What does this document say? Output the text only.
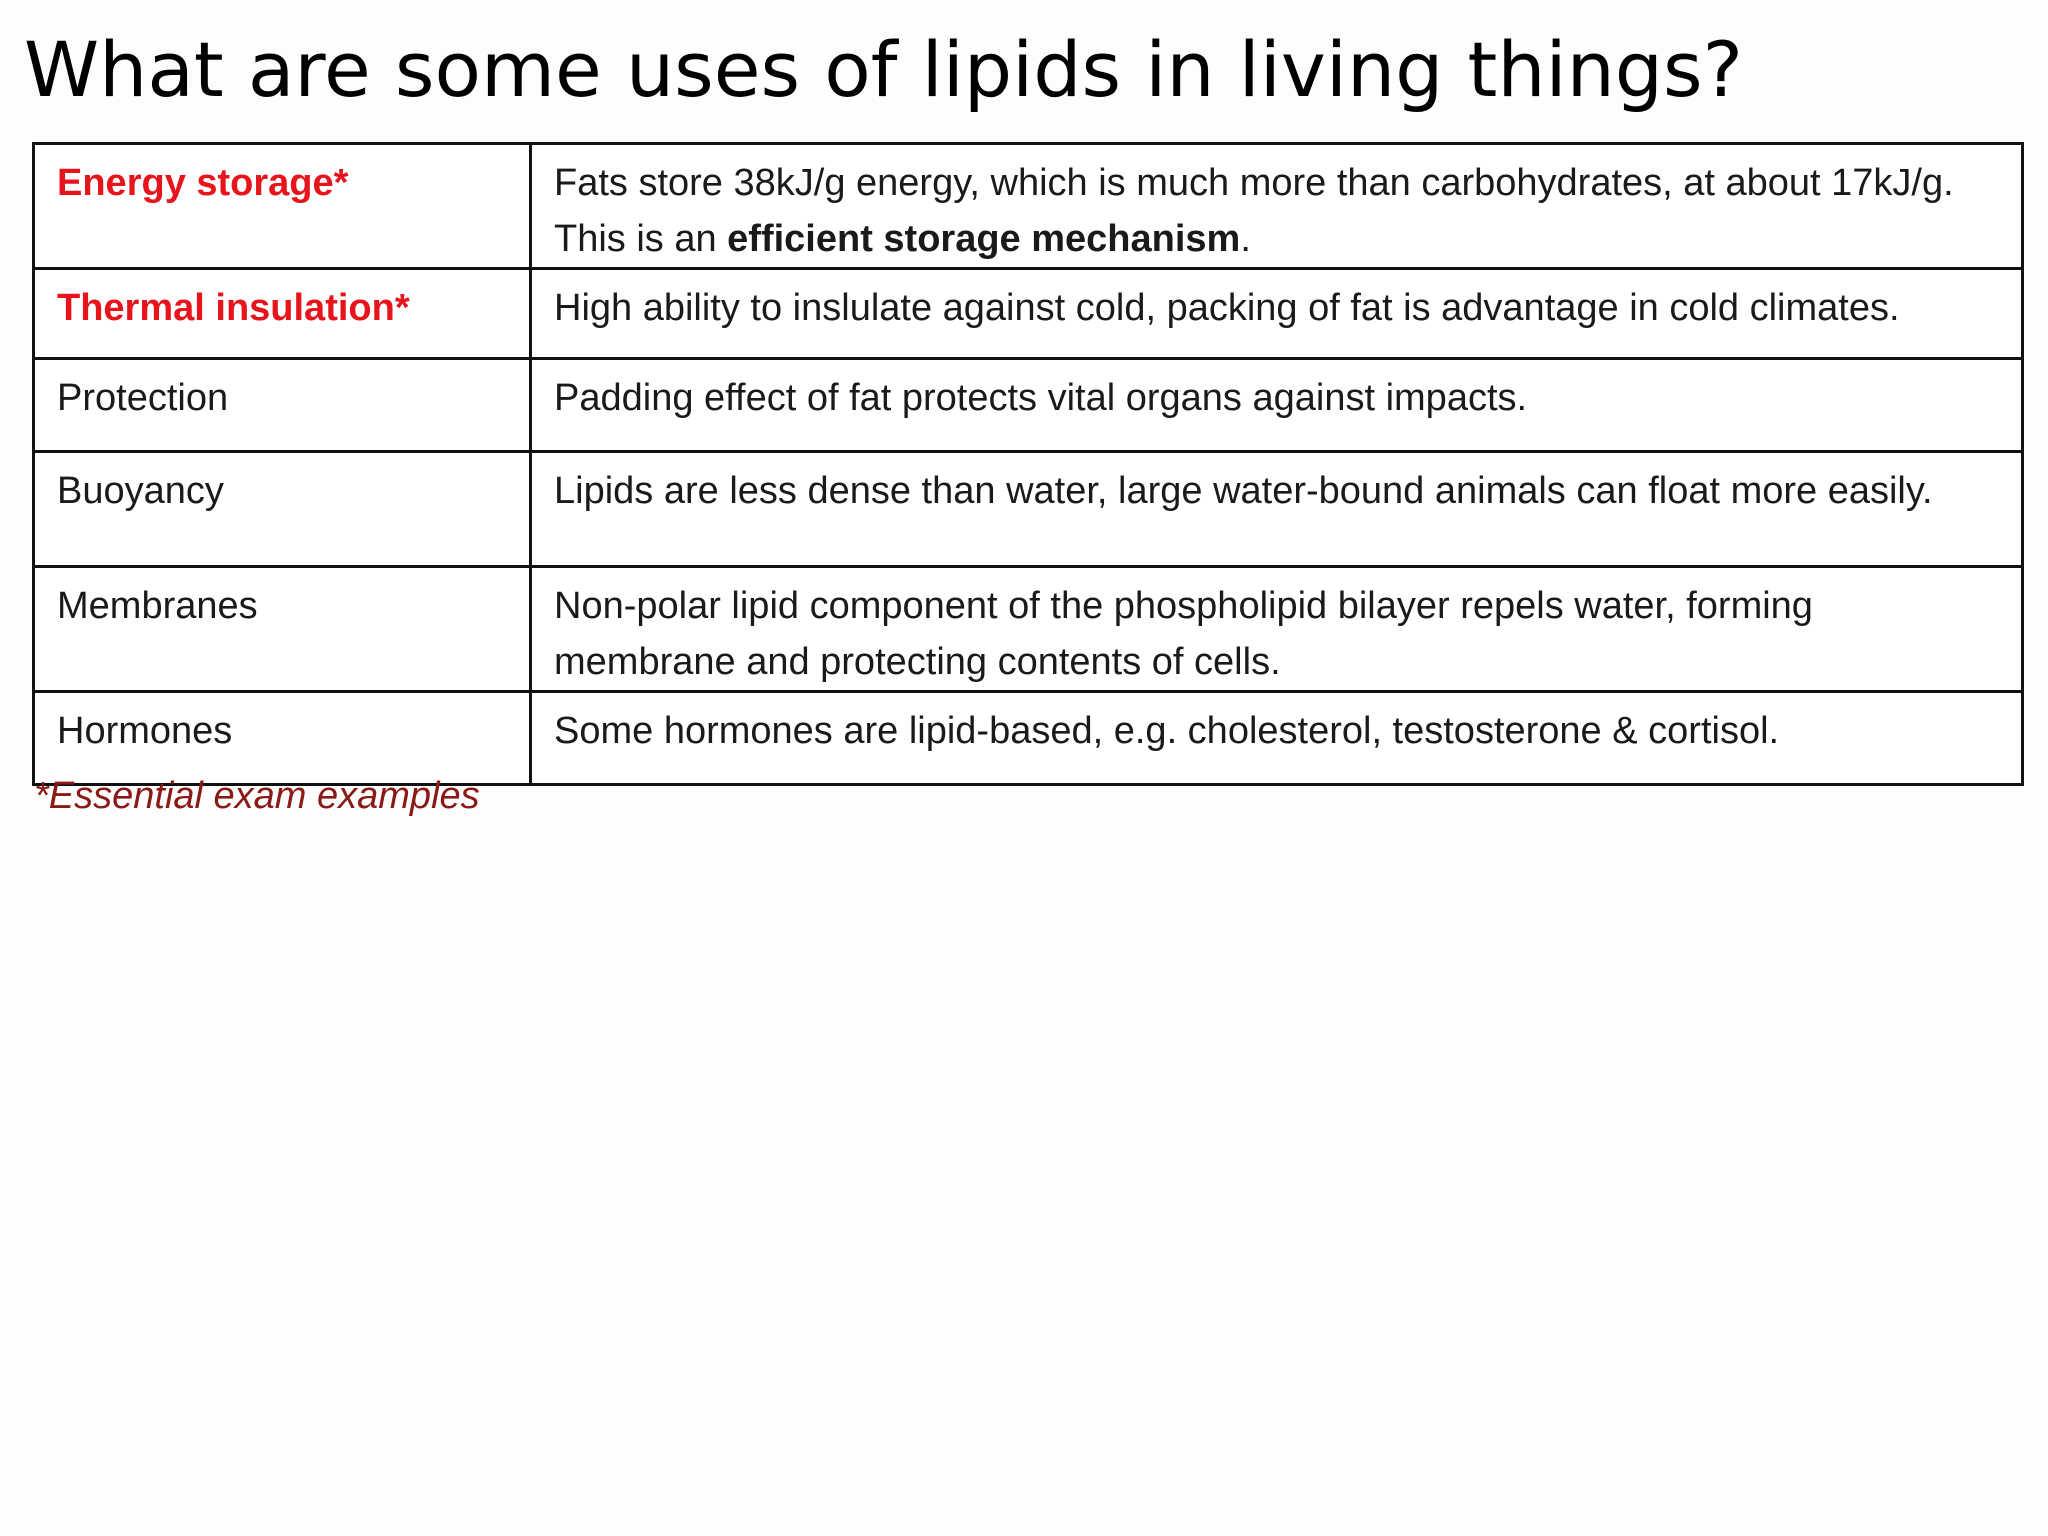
What are some uses of lipids in living things?
Energy storage*	Fats store 38kJ/g energy, which is much more than carbohydrates, at about 17kJ/g. This is an efficient storage mechanism.
Thermal insulation*	High ability to inslulate against cold, packing of fat is advantage in cold climates.
Protection	Padding effect of fat protects vital organs against impacts.
Buoyancy	Lipids are less dense than water, large water-bound animals can float more easily.
Membranes	Non-polar lipid component of the phospholipid bilayer repels water, forming membrane and protecting contents of cells.
Hormones	Some hormones are lipid-based, e.g. cholesterol, testosterone & cortisol.

*Essential exam examples
